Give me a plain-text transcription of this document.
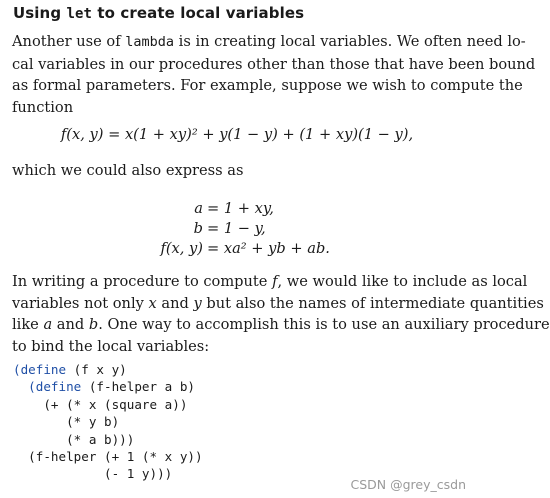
Using let to create local variables

Another use of lambda is in creating local variables. We often need lo-
cal variables in our procedures other than those that have been bound
as formal parameters. For example, suppose we wish to compute the
function

f(x, y) = x(1 + xy)² + y(1 − y) + (1 + xy)(1 − y),

which we could also express as

a = 1 + xy,
b = 1 − y,
f(x, y) = xa² + yb + ab.

In writing a procedure to compute f, we would like to include as local
variables not only x and y but also the names of intermediate quantities
like a and b. One way to accomplish this is to use an auxiliary procedure
to bind the local variables:

(define (f x y)
(define (f-helper a b)
(+ (* x (square a))
(* y b)
(* a b)))
(f-helper (+ 1 (* x y))
(- 1 y)))
CSDN @grey_csdn
